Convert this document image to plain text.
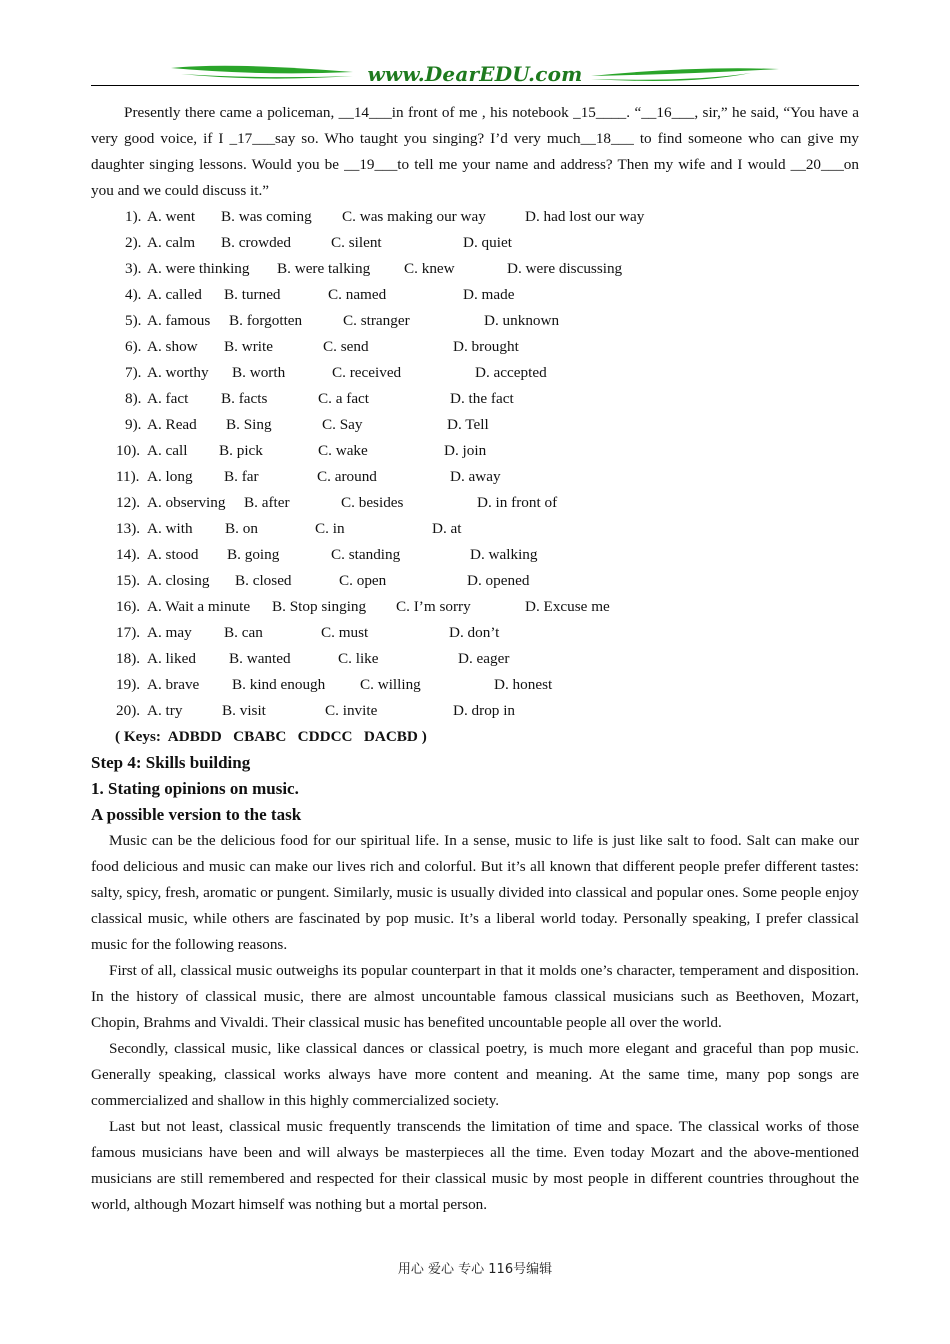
www.DearEDU.com

Presently there came a policeman, __14___in front of me , his notebook _15____. “__16___, sir,” he said, “You have a very good voice, if I _17___say so. Who taught you singing? I’d very much__18___ to find someone who can give my daughter singing lessons. Would you be __19___to tell me your name and address? Then my wife and I would __20___on you and we could discuss it.”

1). A. went B. was coming C. was making our way	D. had lost our way
2). A. calm B. crowded	C. silent	D. quiet
3). A. were thinking B. were talking C. knew	D. were discussing
4). A. called B. turned	C. named	D. made
5). A. famous B. forgotten	C. stranger	D. unknown
6). A. show B. write	C. send	D. brought
7). A. worthy B. worth	C. received	D. accepted
8). A. fact B. facts	C. a fact	D. the fact
9). A. Read B. Sing	C. Say	D. Tell
10). A. call B. pick	C. wake	D. join
11). A. long B. far	C. around	D. away
12). A. observing B. after	C. besides	D. in front of
13). A. with B. on	C. in	D. at
14). A. stood B. going	C. standing	D. walking
15). A. closing B. closed	C. open	D. opened
16). A. Wait a minute B. Stop singing C. I’m sorry	D. Excuse me
17). A. may B. can	C. must	D. don’t
18). A. liked B. wanted	C. like	D. eager
19). A. brave B. kind enough C. willing	D. honest
20). A. try	B. visit	C. invite	D. drop in
( Keys:  ADBDD   CBABC   CDDCC   DACBD )
Step 4: Skills building
1. Stating opinions on music.
A possible version to the task

Music can be the delicious food for our spiritual life. In a sense, music to life is just like salt to food. Salt can make our food delicious and music can make our lives rich and colorful. But it’s all known that different people prefer different tastes: salty, spicy, fresh, aromatic or pungent. Similarly, music is usually divided into classical and popular ones. Some people enjoy classical music, while others are fascinated by pop music. It’s a liberal world today. Personally speaking, I prefer classical music for the following reasons.

First of all, classical music outweighs its popular counterpart in that it molds one’s character, temperament and disposition. In the history of classical music, there are almost uncountable famous classical musicians such as Beethoven, Mozart, Chopin, Brahms and Vivaldi. Their classical music has benefited uncountable people all over the world.

Secondly, classical music, like classical dances or classical poetry, is much more elegant and graceful than pop music. Generally speaking, classical works always have more content and meaning. At the same time, many pop songs are commercialized and shallow in this highly commercialized society.

Last but not least, classical music frequently transcends the limitation of time and space. The classical works of those famous musicians have been and will always be masterpieces all the time. Even today Mozart and the above-mentioned musicians are still remembered and respected for their classical music by most people in different countries throughout the world, although Mozart himself was nothing but a mortal person.

用心 爱心 专心 116号编辑
